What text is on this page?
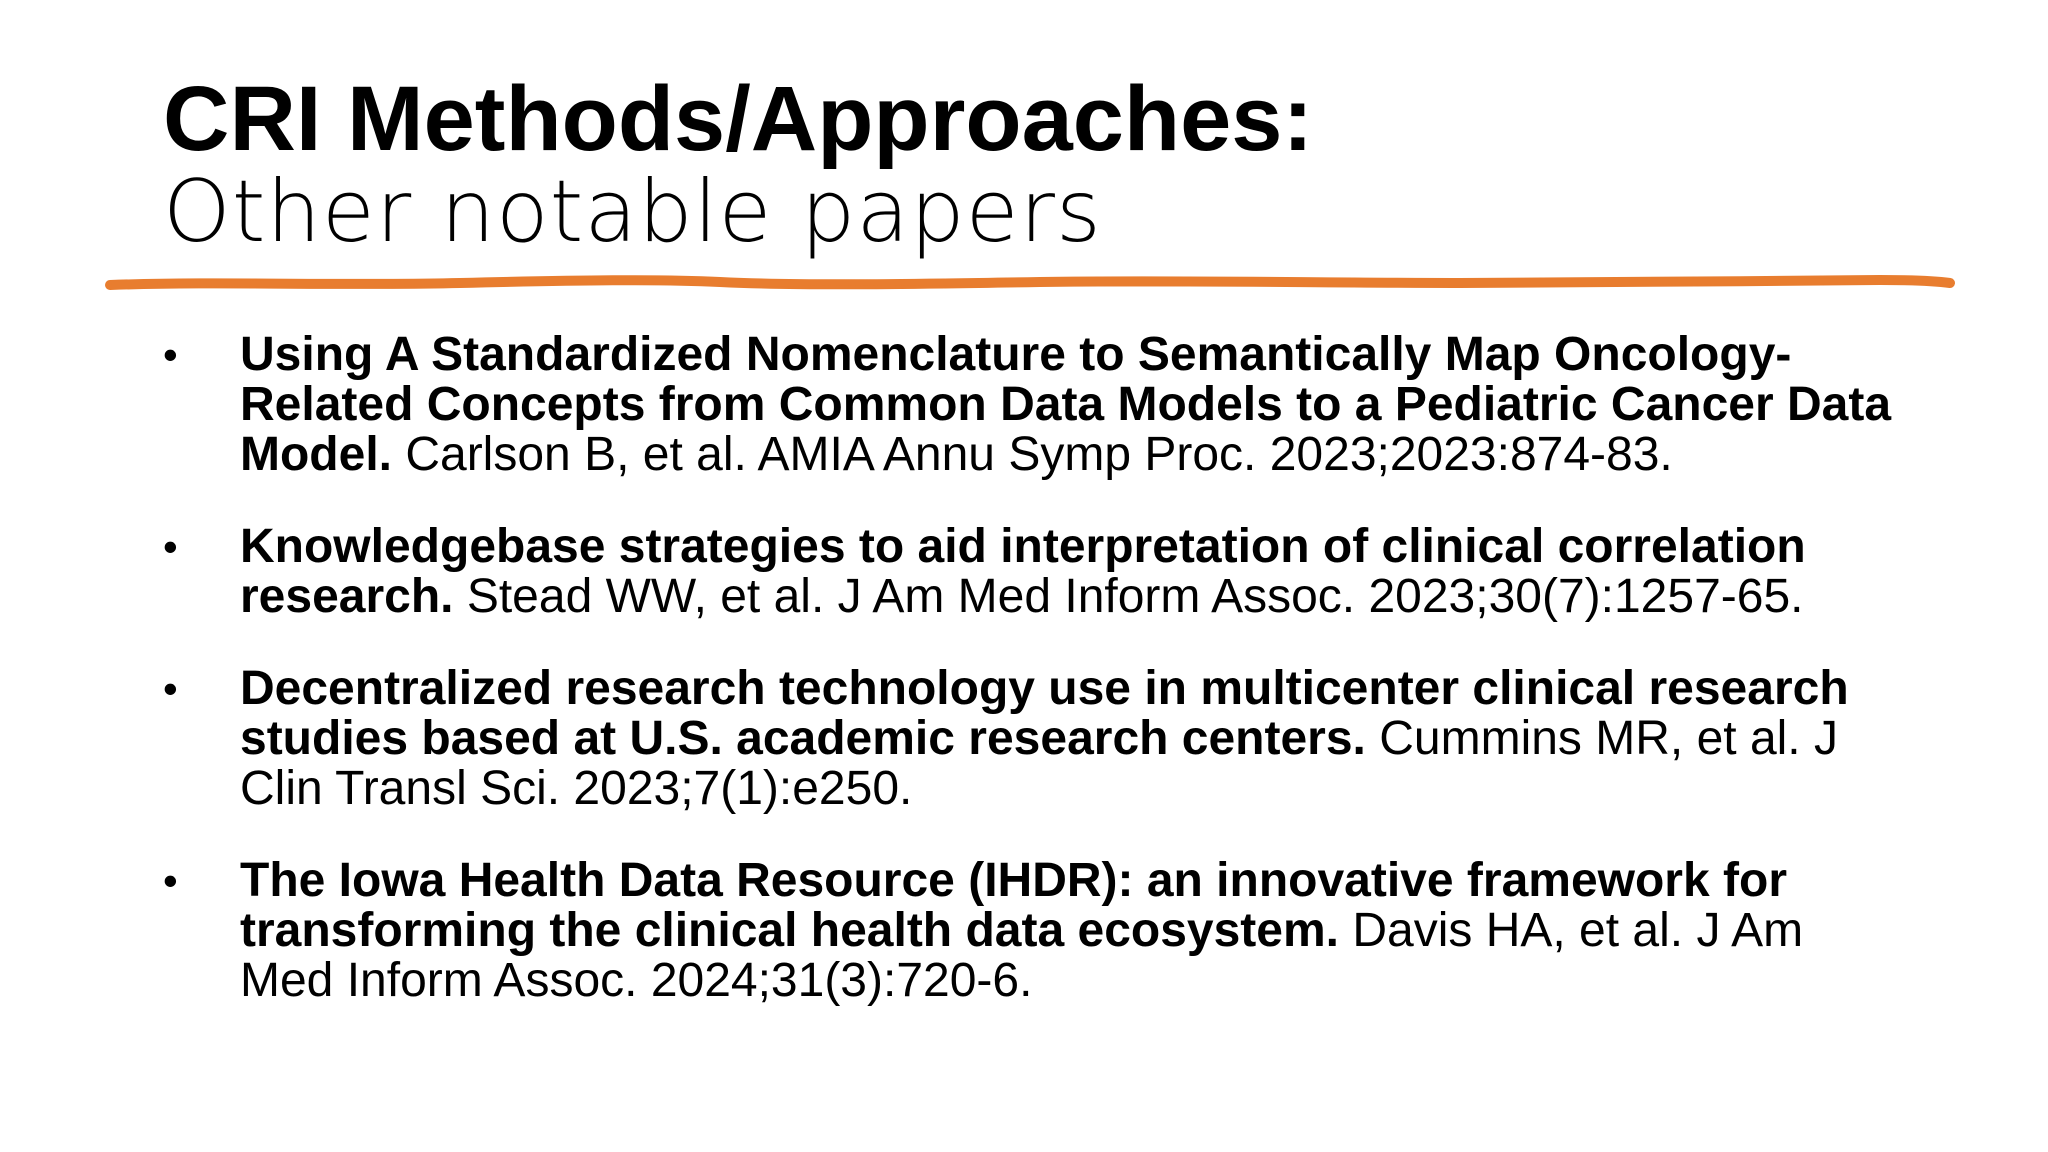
CRI Methods/Approaches:
Other notable papers
•	Using A Standardized Nomenclature to Semantically Map Oncology-Related Concepts from Common Data Models to a Pediatric Cancer Data Model. Carlson B, et al. AMIA Annu Symp Proc. 2023;2023:874-83.
•	Knowledgebase strategies to aid interpretation of clinical correlation research. Stead WW, et al. J Am Med Inform Assoc. 2023;30(7):1257-65.
•	Decentralized research technology use in multicenter clinical research studies based at U.S. academic research centers. Cummins MR, et al. J Clin Transl Sci. 2023;7(1):e250.
•	The Iowa Health Data Resource (IHDR): an innovative framework for transforming the clinical health data ecosystem. Davis HA, et al. J Am Med Inform Assoc. 2024;31(3):720-6.
